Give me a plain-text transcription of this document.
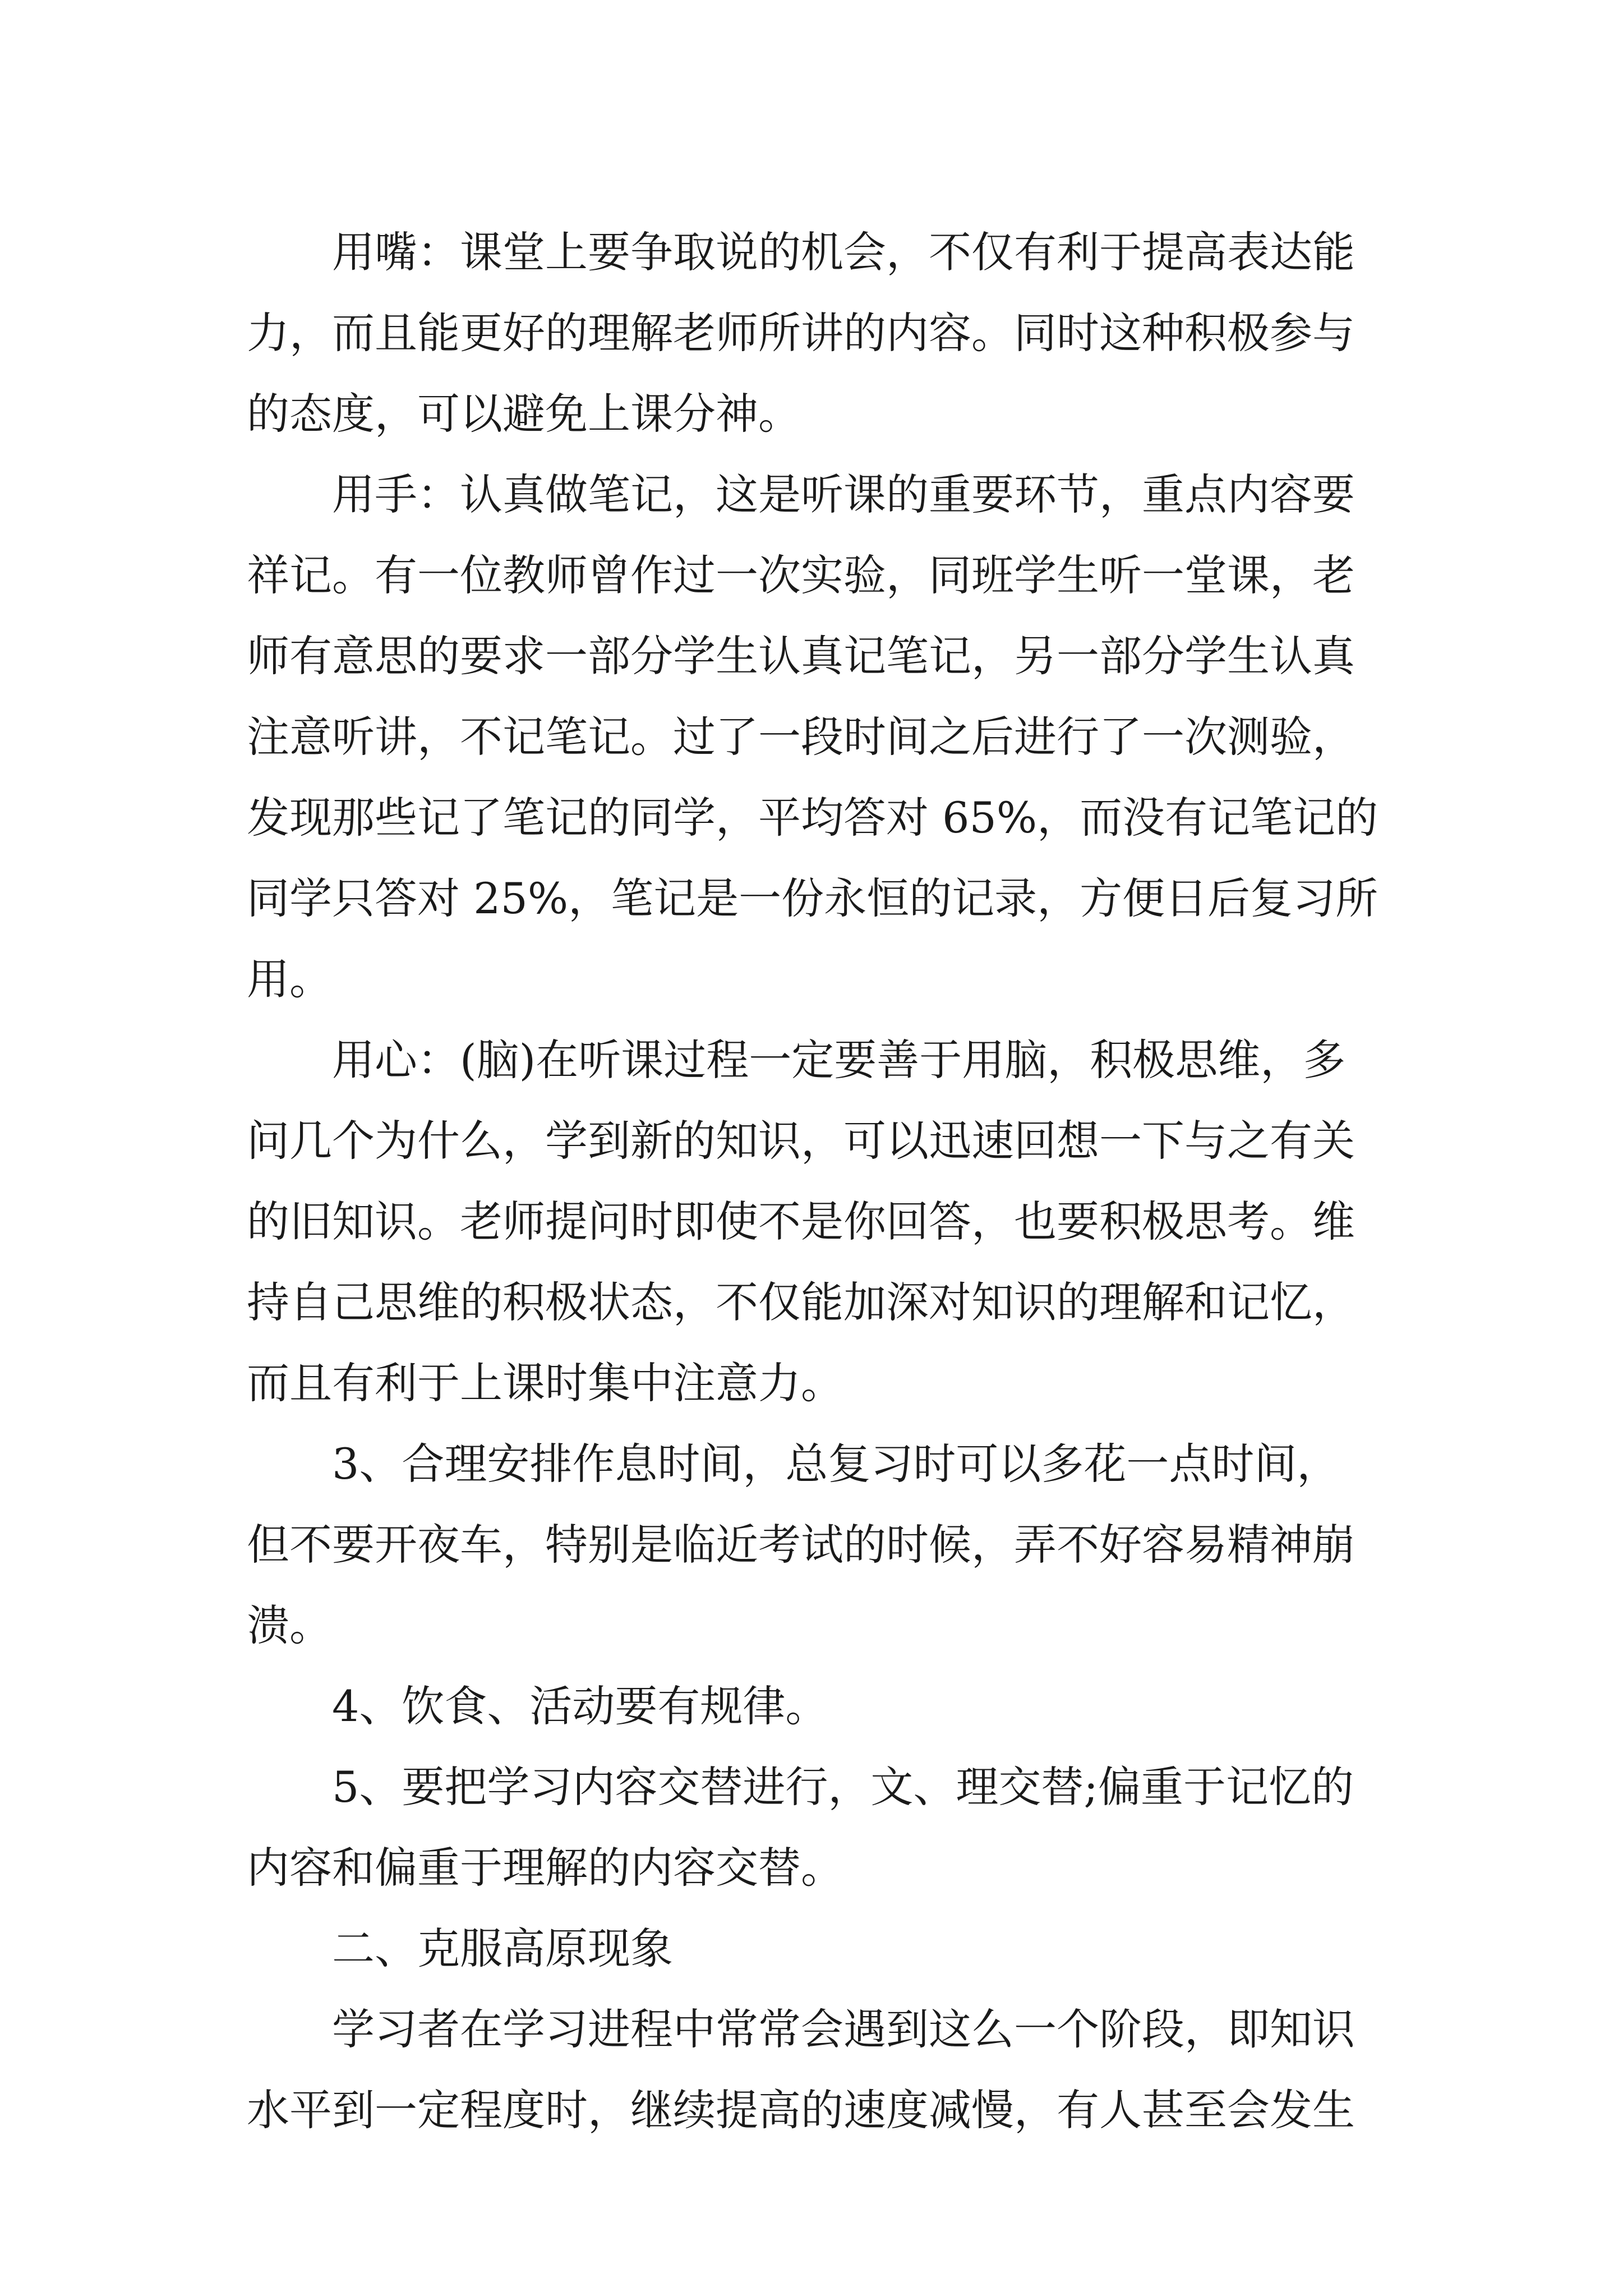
用嘴：课堂上要争取说的机会，不仅有利于提高表达能
力，而且能更好的理解老师所讲的内容。同时这种积极参与
的态度，可以避免上课分神。

用手：认真做笔记，这是听课的重要环节，重点内容要
祥记。有一位教师曾作过一次实验，同班学生听一堂课，老
师有意思的要求一部分学生认真记笔记，另一部分学生认真
注意听讲，不记笔记。过了一段时间之后进行了一次测验，
发现那些记了笔记的同学，平均答对 65%，而没有记笔记的
同学只答对 25%，笔记是一份永恒的记录，方便日后复习所
用。

用心：(脑)在听课过程一定要善于用脑，积极思维，多
问几个为什么，学到新的知识，可以迅速回想一下与之有关
的旧知识。老师提问时即使不是你回答，也要积极思考。维
持自己思维的积极状态，不仅能加深对知识的理解和记忆，
而且有利于上课时集中注意力。

3、合理安排作息时间，总复习时可以多花一点时间，
但不要开夜车，特别是临近考试的时候，弄不好容易精神崩
溃。

4、饮食、活动要有规律。

5、要把学习内容交替进行，文、理交替;偏重于记忆的
内容和偏重于理解的内容交替。

二、克服高原现象

学习者在学习进程中常常会遇到这么一个阶段，即知识
水平到一定程度时，继续提高的速度减慢，有人甚至会发生
